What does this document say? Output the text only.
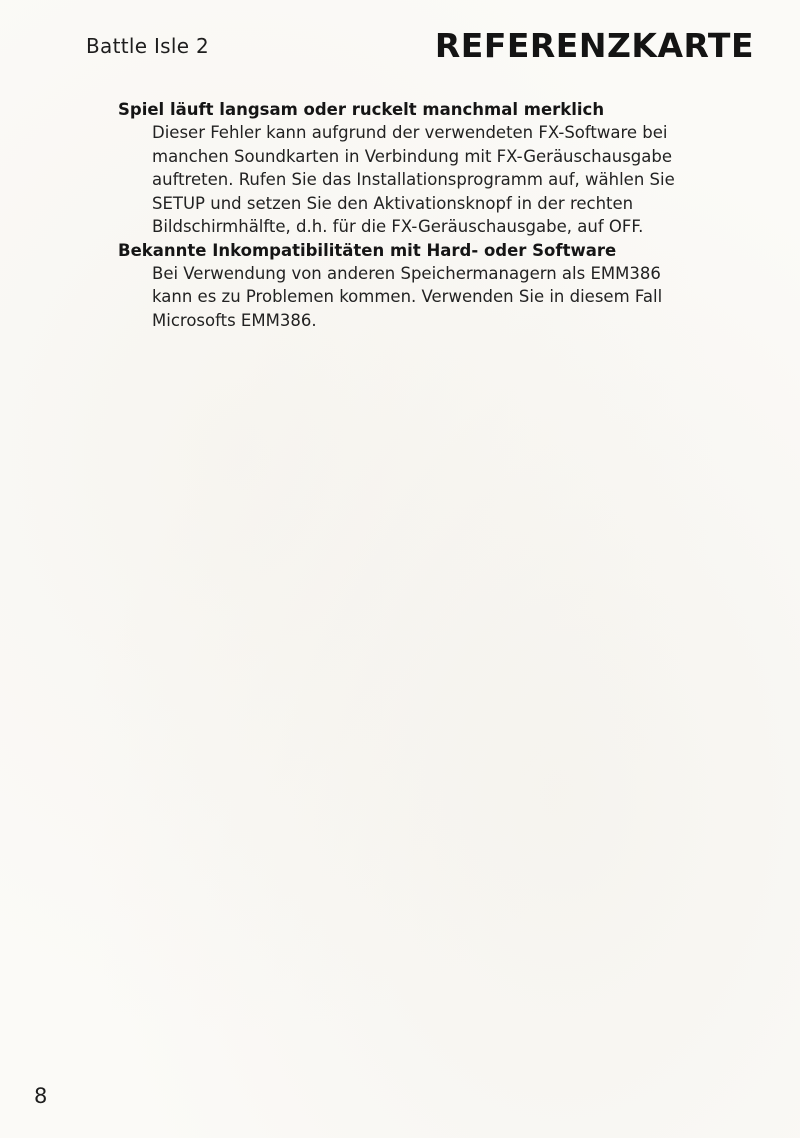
Battle Isle 2	REFERENZKARTE

Spiel läuft langsam oder ruckelt manchmal merklich

Dieser Fehler kann aufgrund der verwendeten FX-Software bei
manchen Soundkarten in Verbindung mit FX-Geräuschausgabe
auftreten. Rufen Sie das Installationsprogramm auf, wählen Sie
SETUP und setzen Sie den Aktivationsknopf in der rechten
Bildschirmhälfte, d.h. für die FX-Geräuschausgabe, auf OFF.

Bekannte Inkompatibilitäten mit Hard- oder Software

Bei Verwendung von anderen Speichermanagern als EMM386
kann es zu Problemen kommen. Verwenden Sie in diesem Fall
Microsofts EMM386.

8
